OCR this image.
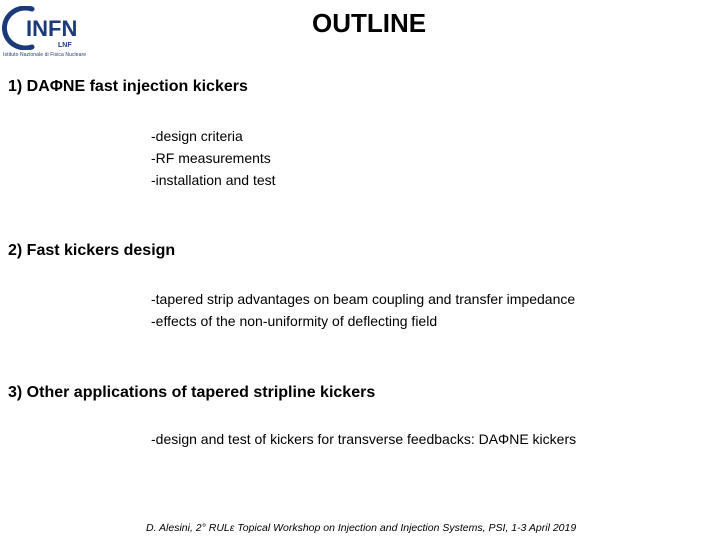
INFN
LNF
Istituto Nazionale di Fisica Nucleare
OUTLINE
1) DAΦNE fast injection kickers
-design criteria
-RF measurements
-installation and test
2) Fast kickers design
-tapered strip advantages on beam coupling and transfer impedance
-effects of the non-uniformity of deflecting field
3) Other applications of tapered stripline kickers
-design and test of kickers for transverse feedbacks: DAΦNE kickers
D. Alesini, 2° RULε Topical Workshop on Injection and Injection Systems, PSI, 1-3 April 2019
